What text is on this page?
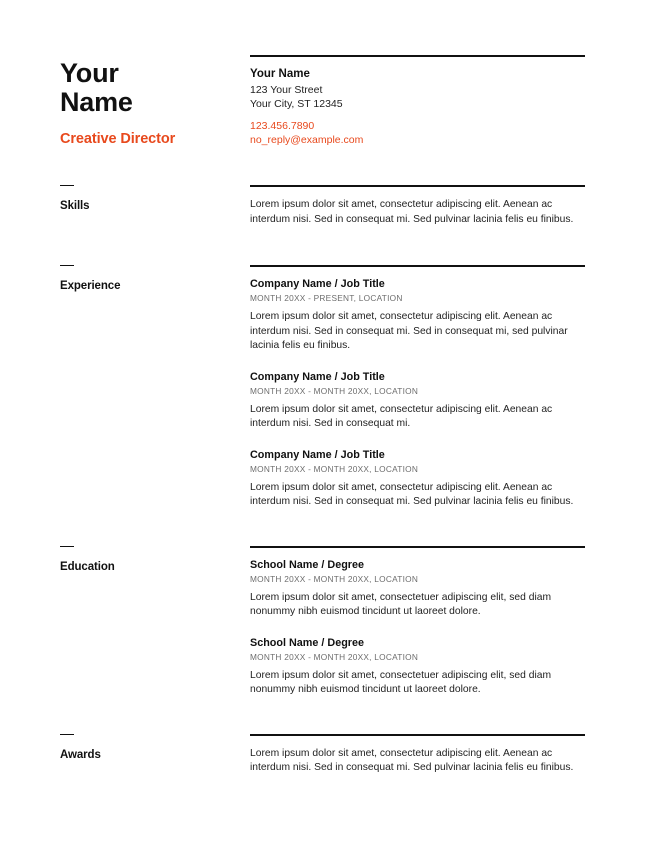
Your
Name
Creative Director
Your Name
123 Your Street
Your City, ST 12345
123.456.7890
no_reply@example.com
Skills	Lorem ipsum dolor sit amet, consectetur adipiscing elit. Aenean ac interdum nisi. Sed in consequat mi. Sed pulvinar lacinia felis eu finibus.
Experience	Company Name / Job Title
MONTH 20XX - PRESENT, LOCATION
Lorem ipsum dolor sit amet, consectetur adipiscing elit. Aenean ac interdum nisi. Sed in consequat mi. Sed in consequat mi, sed pulvinar lacinia felis eu finibus.
Company Name / Job Title
MONTH 20XX - MONTH 20XX, LOCATION
Lorem ipsum dolor sit amet, consectetur adipiscing elit. Aenean ac interdum nisi. Sed in consequat mi.
Company Name / Job Title
MONTH 20XX - MONTH 20XX, LOCATION
Lorem ipsum dolor sit amet, consectetur adipiscing elit. Aenean ac interdum nisi. Sed in consequat mi. Sed pulvinar lacinia felis eu finibus.
Education	School Name / Degree
MONTH 20XX - MONTH 20XX, LOCATION
Lorem ipsum dolor sit amet, consectetuer adipiscing elit, sed diam nonummy nibh euismod tincidunt ut laoreet dolore.
School Name / Degree
MONTH 20XX - MONTH 20XX, LOCATION
Lorem ipsum dolor sit amet, consectetuer adipiscing elit, sed diam nonummy nibh euismod tincidunt ut laoreet dolore.
Awards	Lorem ipsum dolor sit amet, consectetur adipiscing elit. Aenean ac interdum nisi. Sed in consequat mi. Sed pulvinar lacinia felis eu finibus.
